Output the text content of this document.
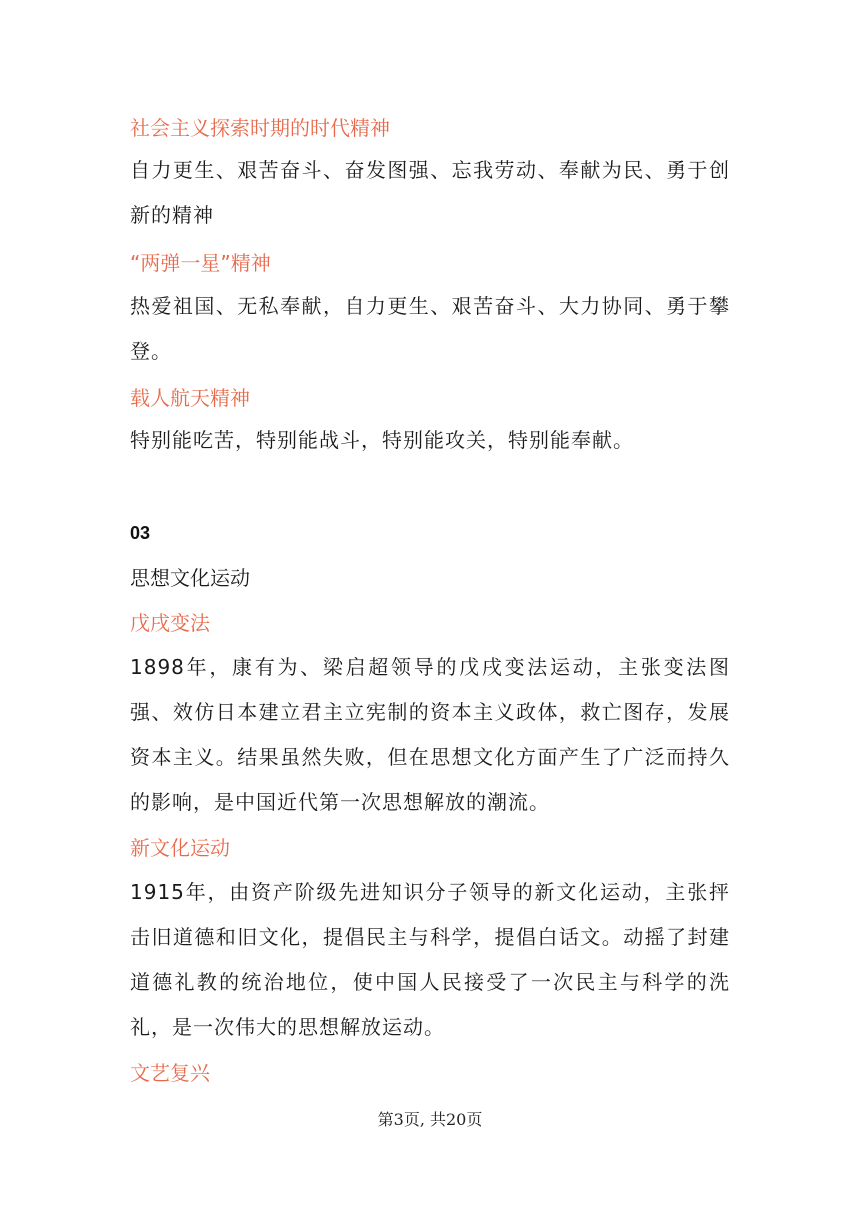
社会主义探索时期的时代精神
自力更生、艰苦奋斗、奋发图强、忘我劳动、奉献为民、勇于创新的精神
“两弹一星”精神
热爱祖国、无私奉献，自力更生、艰苦奋斗、大力协同、勇于攀登。
载人航天精神
特别能吃苦，特别能战斗，特别能攻关，特别能奉献。
03
思想文化运动
戊戌变法
1898年，康有为、梁启超领导的戊戌变法运动，主张变法图强、效仿日本建立君主立宪制的资本主义政体，救亡图存，发展资本主义。结果虽然失败，但在思想文化方面产生了广泛而持久的影响，是中国近代第一次思想解放的潮流。
新文化运动
1915年，由资产阶级先进知识分子领导的新文化运动，主张抨击旧道德和旧文化，提倡民主与科学，提倡白话文。动摇了封建道德礼教的统治地位，使中国人民接受了一次民主与科学的洗礼，是一次伟大的思想解放运动。
文艺复兴
第3页, 共20页
